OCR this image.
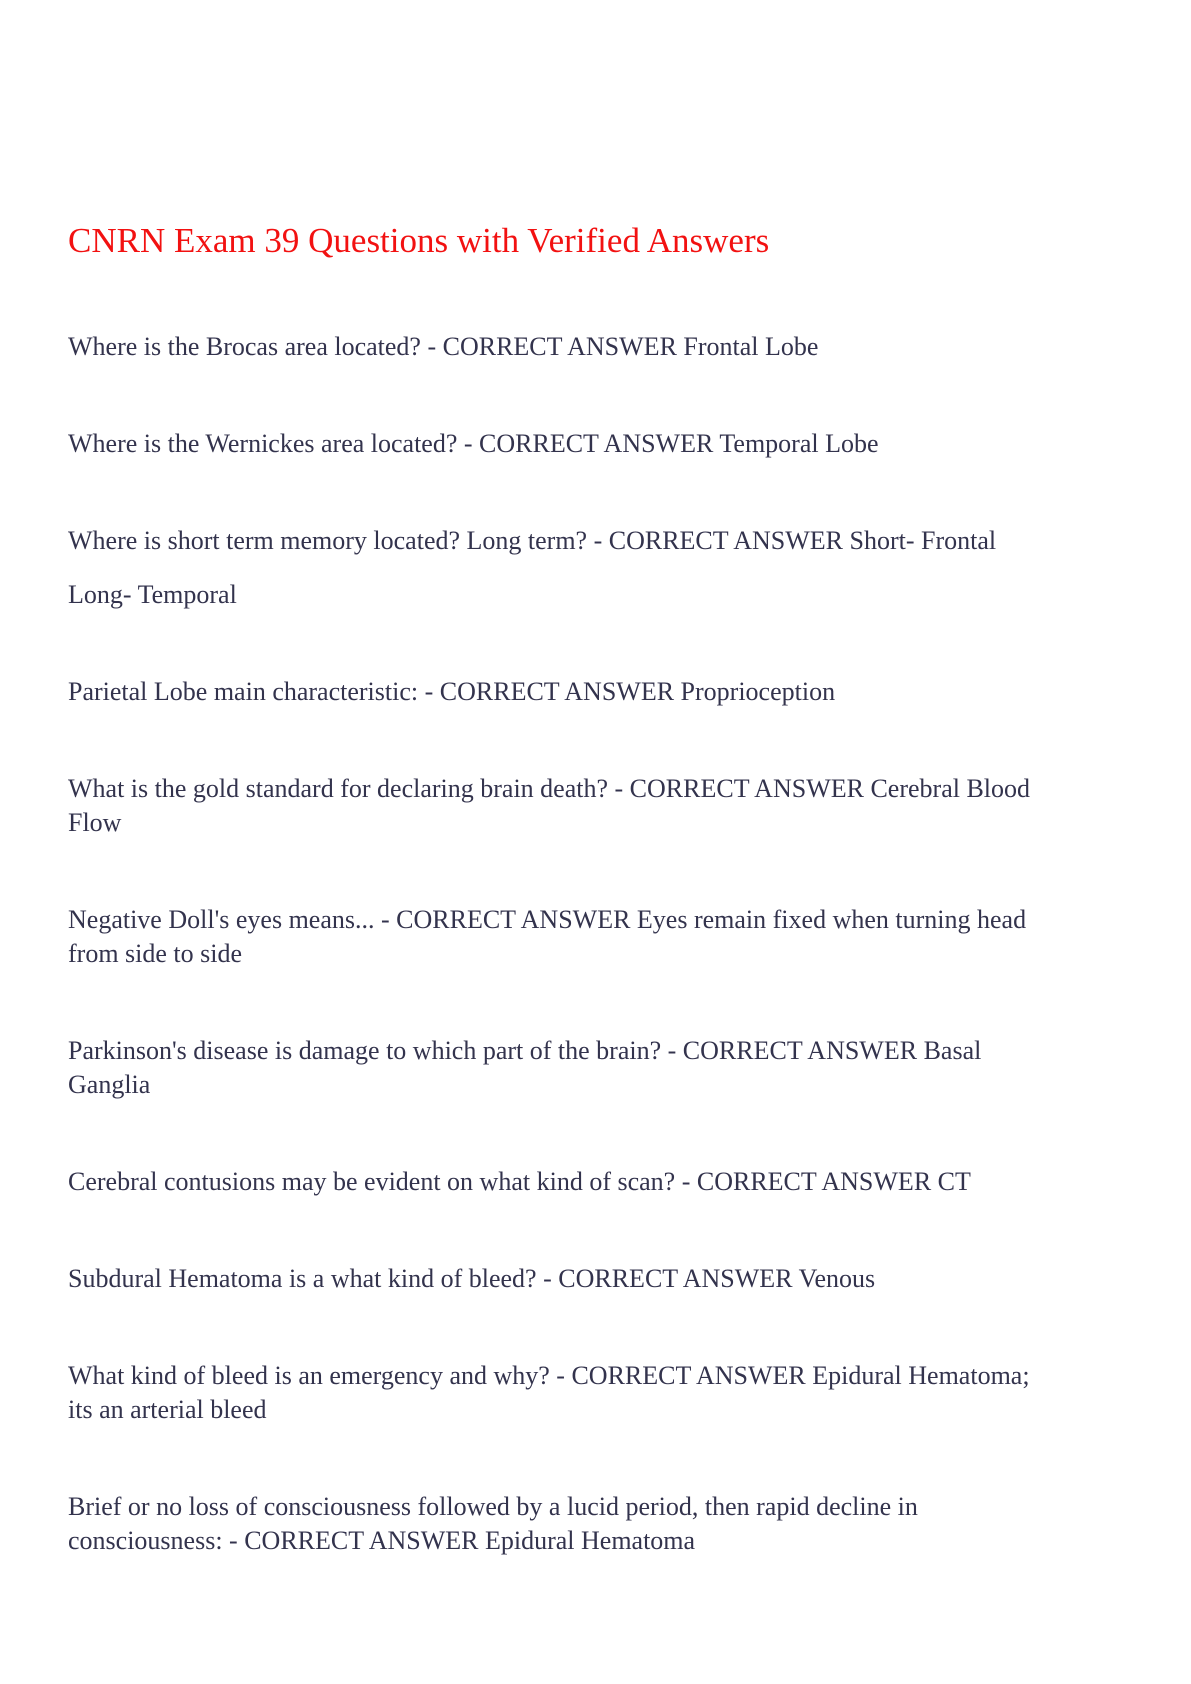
CNRN Exam 39 Questions with Verified Answers

Where is the Brocas area located? - CORRECT ANSWER Frontal Lobe

Where is the Wernickes area located? - CORRECT ANSWER Temporal Lobe

Where is short term memory located? Long term? - CORRECT ANSWER Short- Frontal
Long- Temporal

Parietal Lobe main characteristic: - CORRECT ANSWER Proprioception

What is the gold standard for declaring brain death? - CORRECT ANSWER Cerebral Blood
Flow

Negative Doll's eyes means... - CORRECT ANSWER Eyes remain fixed when turning head
from side to side

Parkinson's disease is damage to which part of the brain? - CORRECT ANSWER Basal
Ganglia

Cerebral contusions may be evident on what kind of scan? - CORRECT ANSWER CT

Subdural Hematoma is a what kind of bleed? - CORRECT ANSWER Venous

What kind of bleed is an emergency and why? - CORRECT ANSWER Epidural Hematoma;
its an arterial bleed

Brief or no loss of consciousness followed by a lucid period, then rapid decline in
consciousness: - CORRECT ANSWER Epidural Hematoma
